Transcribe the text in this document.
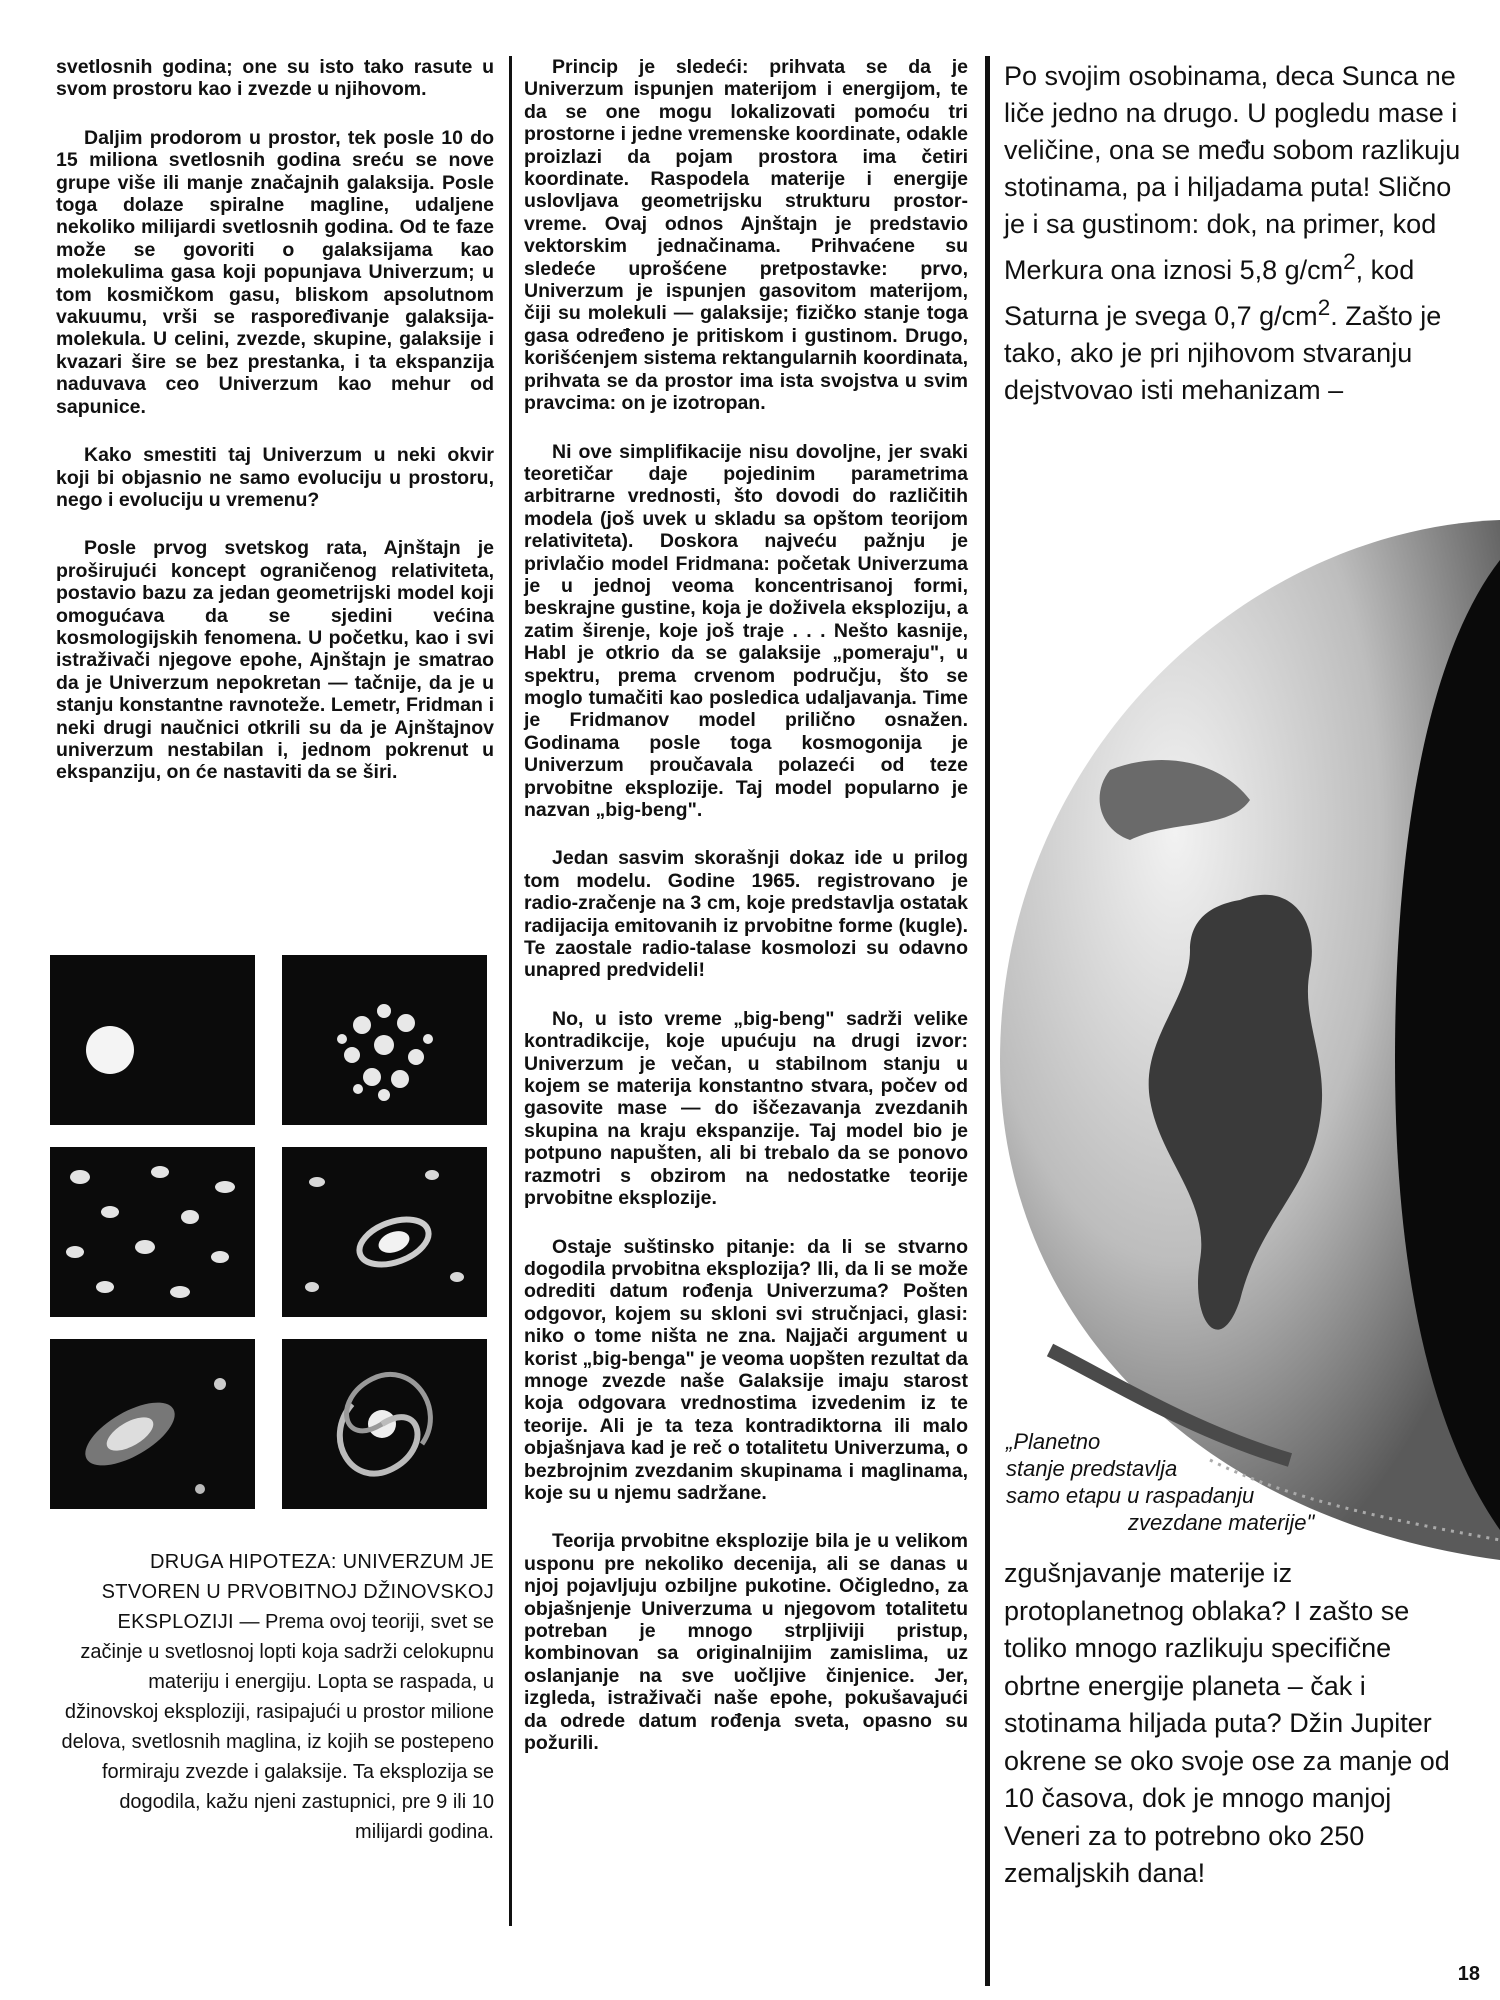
svetlosnih godina; one su isto tako rasute u svom prostoru kao i zvezde u njihovom.

Daljim prodorom u prostor, tek posle 10 do 15 miliona svetlosnih godina sreću se nove grupe više ili manje značajnih galaksija. Posle toga dolaze spiralne magline, udaljene nekoliko milijardi svetlosnih godina. Od te faze može se govoriti o galaksijama kao molekulima gasa koji popunjava Univerzum; u tom kosmičkom gasu, bliskom apsolutnom vakuumu, vrši se raspoređivanje galaksija-molekula. U celini, zvezde, skupine, galaksije i kvazari šire se bez prestanka, i ta ekspanzija naduvava ceo Univerzum kao mehur od sapunice.

Kako smestiti taj Univerzum u neki okvir koji bi objasnio ne samo evoluciju u prostoru, nego i evoluciju u vremenu?

Posle prvog svetskog rata, Ajnštajn je proširujući koncept ograničenog relativiteta, postavio bazu za jedan geometrijski model koji omogućava da se sjedini većina kosmologijskih fenomena. U početku, kao i svi istraživači njegove epohe, Ajnštajn je smatrao da je Univerzum nepokretan — tačnije, da je u stanju konstantne ravnoteže. Lemetr, Fridman i neki drugi naučnici otkrili su da je Ajnštajnov univerzum nestabilan i, jednom pokrenut u ekspanziju, on će nastaviti da se širi.

DRUGA HIPOTEZA: UNIVERZUM JE STVOREN U PRVOBITNOJ DŽINOVSKOJ EKSPLOZIJI — Prema ovoj teoriji, svet se začinje u svetlosnoj lopti koja sadrži celokupnu materiju i energiju. Lopta se raspada, u džinovskoj eksploziji, rasipajući u prostor milione delova, svetlosnih maglina, iz kojih se postepeno formiraju zvezde i galaksije. Ta eksplozija se dogodila, kažu njeni zastupnici, pre 9 ili 10 milijardi godina.

Princip je sledeći: prihvata se da je Univerzum ispunjen materijom i energijom, te da se one mogu lokalizovati pomoću tri prostorne i jedne vremenske koordinate, odakle proizlazi da pojam prostora ima četiri koordinate. Raspodela materije i energije uslovljava geometrijsku strukturu prostor-vreme. Ovaj odnos Ajnštajn je predstavio vektorskim jednačinama. Prihvaćene su sledeće uprošćene pretpostavke: prvo, Univerzum je ispunjen gasovitom materijom, čiji su molekuli — galaksije; fizičko stanje toga gasa određeno je pritiskom i gustinom. Drugo, korišćenjem sistema rektangularnih koordinata, prihvata se da prostor ima ista svojstva u svim pravcima: on je izotropan.

Ni ove simplifikacije nisu dovoljne, jer svaki teoretičar daje pojedinim parametrima arbitrarne vrednosti, što dovodi do različitih modela (još uvek u skladu sa opštom teorijom relativiteta). Doskora najveću pažnju je privlačio model Fridmana: početak Univerzuma je u jednoj veoma koncentrisanoj formi, beskrajne gustine, koja je doživela eksploziju, a zatim širenje, koje još traje . . . Nešto kasnije, Habl je otkrio da se galaksije „pomeraju", u spektru, prema crvenom području, što se moglo tumačiti kao posledica udaljavanja. Time je Fridmanov model prilično osnažen. Godinama posle toga kosmogonija je Univerzum proučavala polazeći od teze prvobitne eksplozije. Taj model popularno je nazvan „big-beng".

Jedan sasvim skorašnji dokaz ide u prilog tom modelu. Godine 1965. registrovano je radio-zračenje na 3 cm, koje predstavlja ostatak radijacija emitovanih iz prvobitne forme (kugle). Te zaostale radio-talase kosmolozi su odavno unapred predvideli!

No, u isto vreme „big-beng" sadrži velike kontradikcije, koje upućuju na drugi izvor: Univerzum je večan, u stabilnom stanju u kojem se materija konstantno stvara, počev od gasovite mase — do iščezavanja zvezdanih skupina na kraju ekspanzije. Taj model bio je potpuno napušten, ali bi trebalo da se ponovo razmotri s obzirom na nedostatke teorije prvobitne eksplozije.

Ostaje suštinsko pitanje: da li se stvarno dogodila prvobitna eksplozija? Ili, da li se može odrediti datum rođenja Univerzuma? Pošten odgovor, kojem su skloni svi stručnjaci, glasi: niko o tome ništa ne zna. Najjači argument u korist „big-benga" je veoma uopšten rezultat da mnoge zvezde naše Galaksije imaju starost koja odgovara vrednostima izvedenim iz te teorije. Ali je ta teza kontradiktorna ili malo objašnjava kad je reč o totalitetu Univerzuma, o bezbrojnim zvezdanim skupinama i maglinama, koje su u njemu sadržane.

Teorija prvobitne eksplozije bila je u velikom usponu pre nekoliko decenija, ali se danas u njoj pojavljuju ozbiljne pukotine. Očigledno, za objašnjenje Univerzuma u njegovom totalitetu potreban je mnogo strpljiviji pristup, kombinovan sa originalnijim zamislima, uz oslanjanje na sve uočljive činjenice. Jer, izgleda, istraživači naše epohe, pokušavajući da odrede datum rođenja sveta, opasno su požurili.

Po svojim osobinama, deca Sunca ne liče jedno na drugo. U pogledu mase i veličine, ona se među sobom razlikuju stotinama, pa i hiljadama puta! Slično je i sa gustinom: dok, na primer, kod Merkura ona iznosi 5,8 $g/cm^2$, kod Saturna je svega 0,7 $g/cm^2$. Zašto je tako, ako je pri njihovom stvaranju dejstvovao isti mehanizam –
„Planetno
stanje predstavlja
samo etapu u raspadanju
zvezdane materije"
zgušnjavanje materije iz protoplanetnog oblaka? I zašto se toliko mnogo razlikuju specifične obrtne energije planeta – čak i stotinama hiljada puta? Džin Jupiter okrene se oko svoje ose za manje od 10 časova, dok je mnogo manjoj Veneri za to potrebno oko 250 zemaljskih dana!
18
